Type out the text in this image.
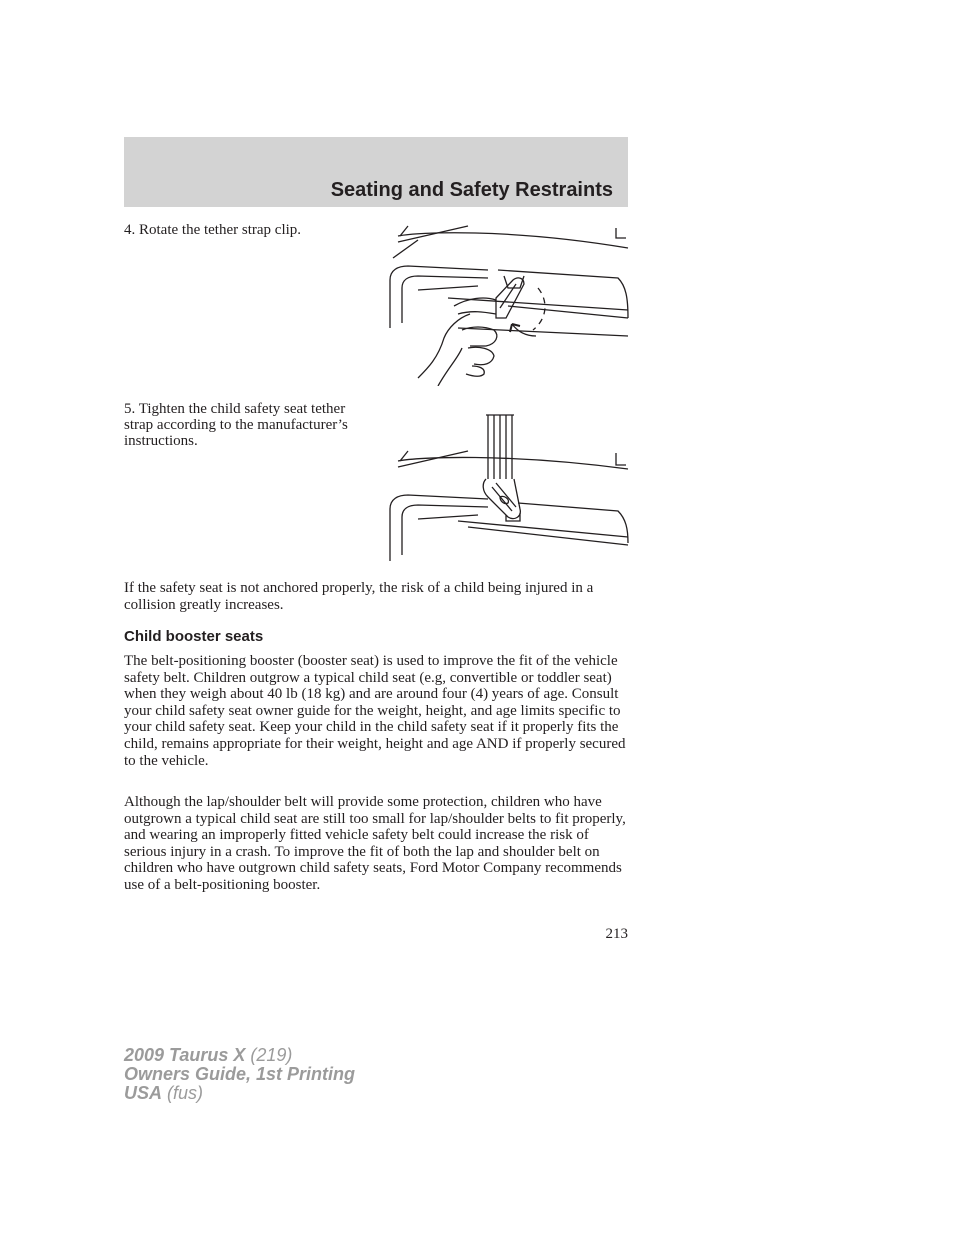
Seating and Safety Restraints
4. Rotate the tether strap clip.
5. Tighten the child safety seat tether strap according to the manufacturer’s instructions.

If the safety seat is not anchored properly, the risk of a child being injured in a collision greatly increases.

Child booster seats

The belt-positioning booster (booster seat) is used to improve the fit of the vehicle safety belt. Children outgrow a typical child seat (e.g, convertible or toddler seat) when they weigh about 40 lb (18 kg) and are around four (4) years of age. Consult your child safety seat owner guide for the weight, height, and age limits specific to your child safety seat. Keep your child in the child safety seat if it properly fits the child, remains appropriate for their weight, height and age AND if properly secured to the vehicle.

Although the lap/shoulder belt will provide some protection, children who have outgrown a typical child seat are still too small for lap/shoulder belts to fit properly, and wearing an improperly fitted vehicle safety belt could increase the risk of serious injury in a crash. To improve the fit of both the lap and shoulder belt on children who have outgrown child safety seats, Ford Motor Company recommends use of a belt-positioning booster.

213
2009 Taurus X (219)
Owners Guide, 1st Printing
USA (fus)
